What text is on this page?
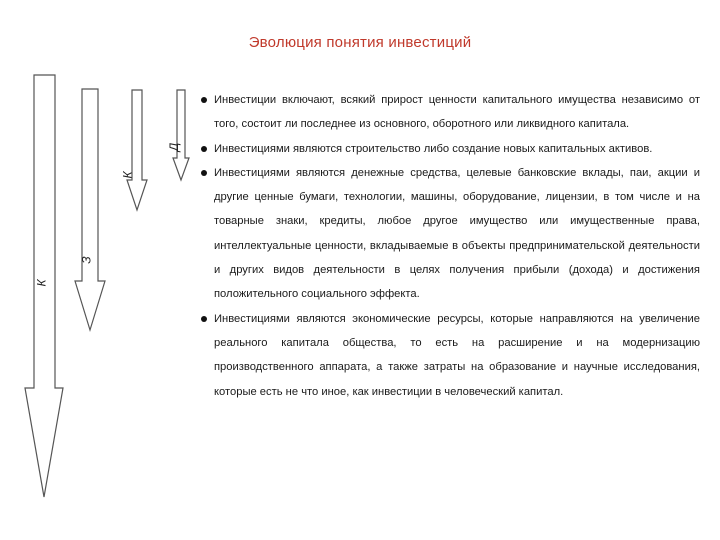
Эволюция понятия инвестиций
Д
К
З
К
Инвестиции включают, всякий прирост ценности капитального имущества независимо от того, состоит ли последнее из основного, оборотного или ликвидного капитала.
Инвестициями являются строительство либо создание новых капитальных активов.
Инвестициями являются денежные средства, целевые банковские вклады, паи, акции и другие ценные бумаги, технологии, машины, оборудование, лицензии, в том числе и на товарные знаки, кредиты, любое другое имущество или имущественные права, интеллектуальные ценности, вкладываемые в объекты предпринимательской деятельности и других видов деятельности в целях получения прибыли (дохода) и достижения положительного социального эффекта.
Инвестициями являются экономические ресурсы, которые направляются на увеличение реального капитала общества, то есть на расширение и на модернизацию производственного аппарата, а также затраты на образование и научные исследования, которые есть не что иное, как инвестиции в человеческий капитал.
